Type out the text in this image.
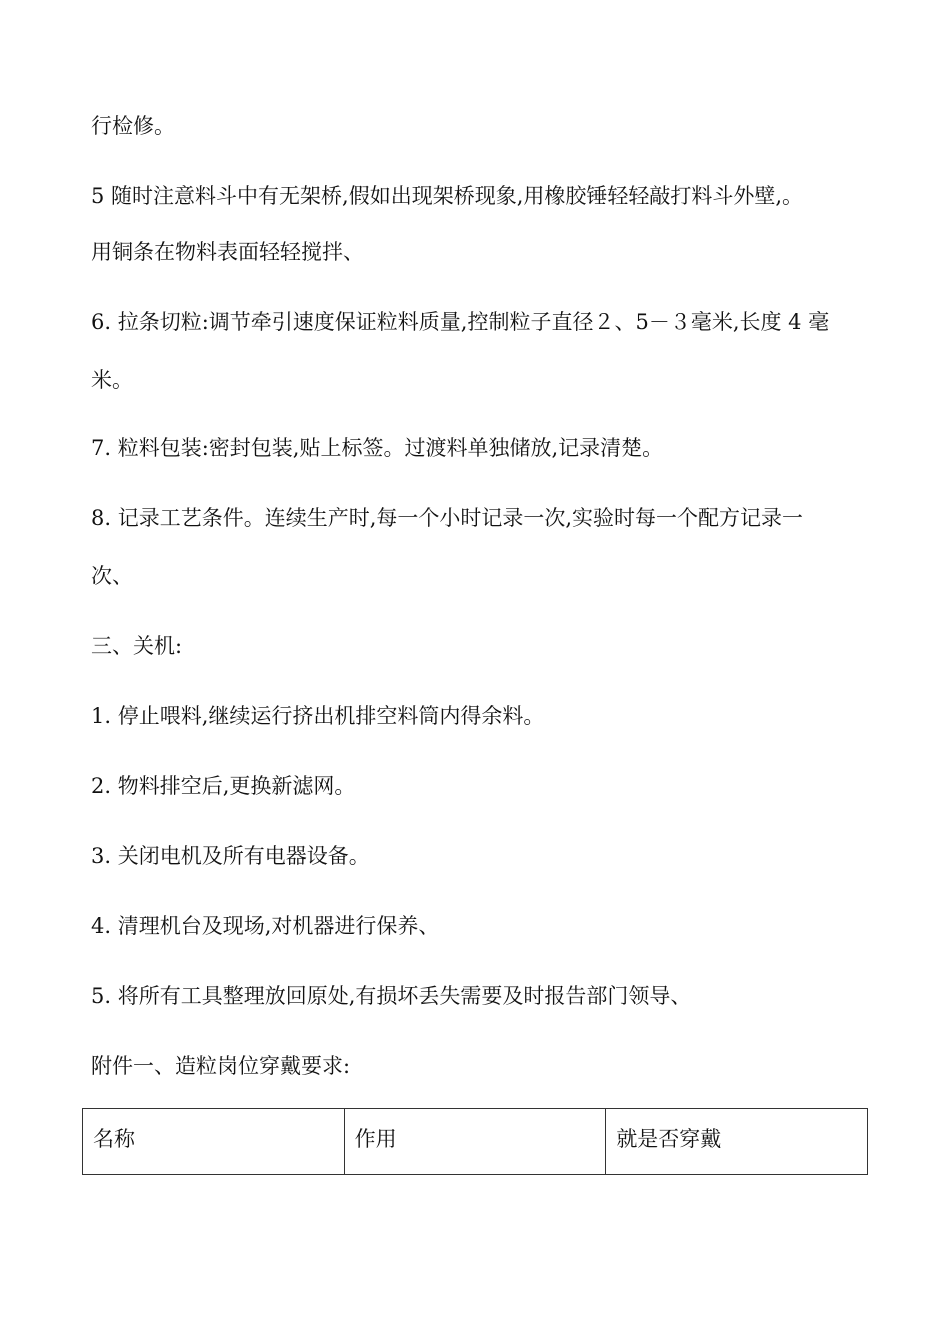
行检修。
5 随时注意料斗中有无架桥,假如出现架桥现象,用橡胶锤轻轻敲打料斗外壁,。
用铜条在物料表面轻轻搅拌、
6. 拉条切粒:调节牵引速度保证粒料质量,控制粒子直径２、5－３毫米,长度 4 毫
米。
7. 粒料包装:密封包装,贴上标签。过渡料单独储放,记录清楚。
8. 记录工艺条件。连续生产时,每一个小时记录一次,实验时每一个配方记录一
次、
三、关机:
1. 停止喂料,继续运行挤出机排空料筒内得余料。
2. 物料排空后,更换新滤网。
3. 关闭电机及所有电器设备。
4. 清理机台及现场,对机器进行保养、
5. 将所有工具整理放回原处,有损坏丢失需要及时报告部门领导、
附件一、造粒岗位穿戴要求:
名称	作用	就是否穿戴
